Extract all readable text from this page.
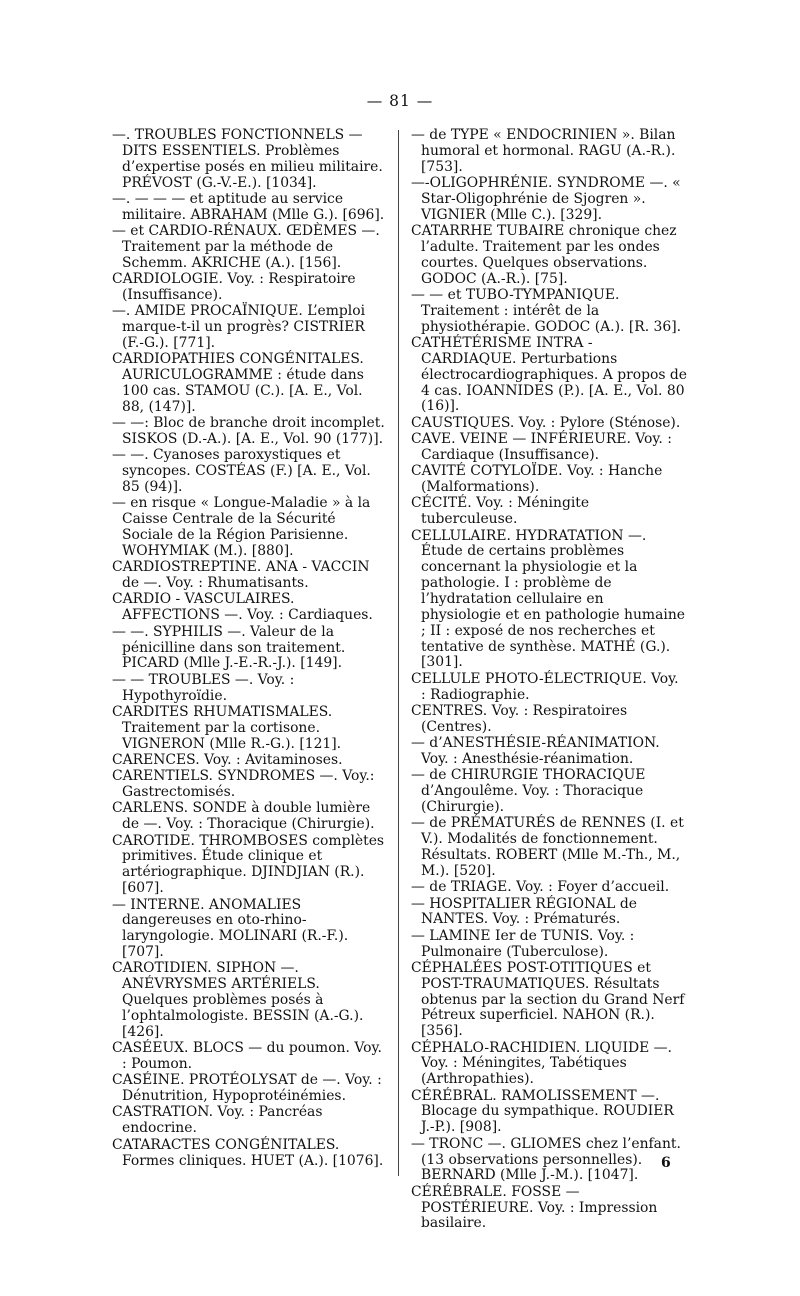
— 81 —

—. TROUBLES FONCTIONNELS — DITS ESSENTIELS. Problèmes d’expertise posés en milieu militaire. PRÉVOST (G.-V.-E.). [1034].

—. — — — et aptitude au service militaire. ABRAHAM (Mlle G.). [696].

— et CARDIO-RÉNAUX. ŒDÈMES —. Traitement par la méthode de Schemm. AKRICHE (A.). [156].

CARDIOLOGIE. Voy. : Respiratoire (Insuffisance).

—. AMIDE PROCAÏNIQUE. L’emploi marque-t-il un progrès? CISTRIER (F.-G.). [771].

CARDIOPATHIES CONGÉNITALES. AURICULOGRAMME : étude dans 100 cas. STAMOU (C.). [A. E., Vol. 88, (147)].

— —: Bloc de branche droit incomplet. SISKOS (D.-A.). [A. E., Vol. 90 (177)].

— —. Cyanoses paroxystiques et syncopes. COSTÉAS (F.) [A. E., Vol. 85 (94)].

— en risque « Longue-Maladie » à la Caisse Centrale de la Sécurité Sociale de la Région Parisienne. WOHYMIAK (M.). [880].

CARDIOSTREPTINE. ANA - VACCIN de —. Voy. : Rhumatisants.

CARDIO - VASCULAIRES. AFFECTIONS —. Voy. : Cardiaques.

— —. SYPHILIS —. Valeur de la pénicilline dans son traitement. PICARD (Mlle J.-E.-R.-J.). [149].

— — TROUBLES —. Voy. : Hypothyroïdie.

CARDITES RHUMATISMALES. Traitement par la cortisone. VIGNERON (Mlle R.-G.). [121].

CARENCES. Voy. : Avitaminoses.

CARENTIELS. SYNDROMES —. Voy.: Gastrectomisés.

CARLENS. SONDE à double lumière de —. Voy. : Thoracique (Chirurgie).

CAROTIDE. THROMBOSES complètes primitives. Étude clinique et artériographique. DJINDJIAN (R.). [607].

— INTERNE. ANOMALIES dangereuses en oto-rhino-laryngologie. MOLINARI (R.-F.). [707].

CAROTIDIEN. SIPHON —. ANÉVRYSMES ARTÉRIELS. Quelques problèmes posés à l’ophtalmologiste. BESSIN (A.-G.). [426].

CASÉEUX. BLOCS — du poumon. Voy. : Poumon.

CASÉINE. PROTÉOLYSAT de —. Voy. : Dénutrition, Hypoprotéinémies.

CASTRATION. Voy. : Pancréas endocrine.

CATARACTES CONGÉNITALES. Formes cliniques. HUET (A.). [1076].

— de TYPE « ENDOCRINIEN ». Bilan humoral et hormonal. RAGU (A.-R.). [753].

—-OLIGOPHRÉNIE. SYNDROME —. « Star-Oligophrénie de Sjogren ». VIGNIER (Mlle C.). [329].

CATARRHE TUBAIRE chronique chez l’adulte. Traitement par les ondes courtes. Quelques observations. GODOC (A.-R.). [75].

— — et TUBO-TYMPANIQUE. Traitement : intérêt de la physiothérapie. GODOC (A.). [R. 36].

CATHÉTÉRISME INTRA - CARDIAQUE. Perturbations électrocardiographiques. A propos de 4 cas. IOANNIDES (P.). [A. E., Vol. 80 (16)].

CAUSTIQUES. Voy. : Pylore (Sténose).

CAVE. VEINE — INFÉRIEURE. Voy. : Cardiaque (Insuffisance).

CAVITÉ COTYLOÏDE. Voy. : Hanche (Malformations).

CÉCITÉ. Voy. : Méningite tuberculeuse.

CELLULAIRE. HYDRATATION —. Étude de certains problèmes concernant la physiologie et la pathologie. I : problème de l’hydratation cellulaire en physiologie et en pathologie humaine ; II : exposé de nos recherches et tentative de synthèse. MATHÉ (G.). [301].

CELLULE PHOTO-ÉLECTRIQUE. Voy. : Radiographie.

CENTRES. Voy. : Respiratoires (Centres).

— d’ANESTHÉSIE-RÉANIMATION. Voy. : Anesthésie-réanimation.

— de CHIRURGIE THORACIQUE d’Angoulême. Voy. : Thoracique (Chirurgie).

— de PRÉMATURÉS de RENNES (I. et V.). Modalités de fonctionnement. Résultats. ROBERT (Mlle M.-Th., M., M.). [520].

— de TRIAGE. Voy. : Foyer d’accueil.

— HOSPITALIER RÉGIONAL de NANTES. Voy. : Prématurés.

— LAMINE Ier de TUNIS. Voy. : Pulmonaire (Tuberculose).

CÉPHALÉES POST-OTITIQUES et POST-TRAUMATIQUES. Résultats obtenus par la section du Grand Nerf Pétreux superficiel. NAHON (R.). [356].

CÉPHALO-RACHIDIEN. LIQUIDE —. Voy. : Méningites, Tabétiques (Arthropathies).

CÉRÉBRAL. RAMOLISSEMENT —. Blocage du sympathique. ROUDIER J.-P.). [908].

— TRONC —. GLIOMES chez l’enfant. (13 observations personnelles). BERNARD (Mlle J.-M.). [1047].

CÉRÉBRALE. FOSSE — POSTÉRIEURE. Voy. : Impression basilaire.

6
